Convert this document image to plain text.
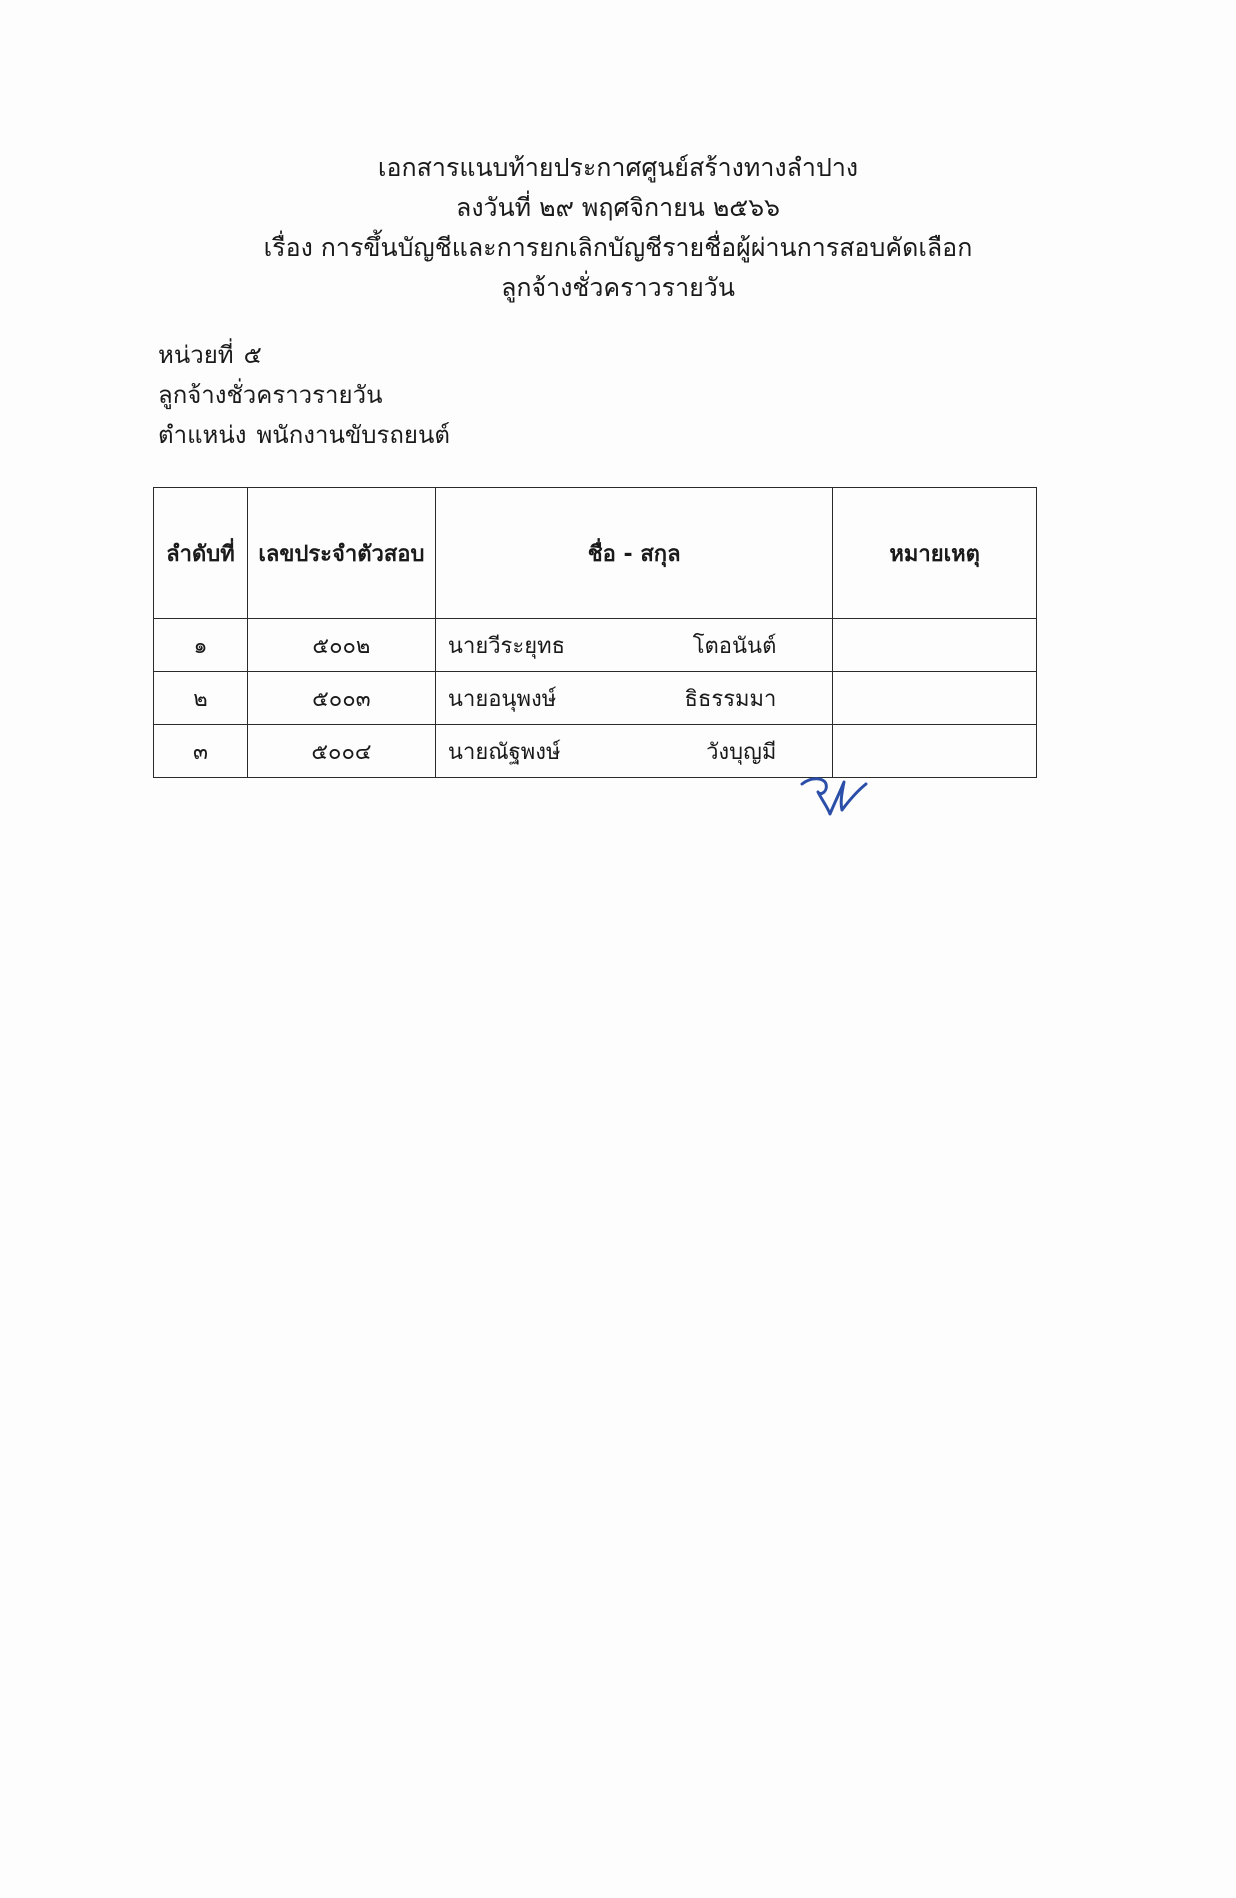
เอกสารแนบท้ายประกาศศูนย์สร้างทางลำปาง
ลงวันที่ ๒๙ พฤศจิกายน ๒๕๖๖
เรื่อง การขึ้นบัญชีและการยกเลิกบัญชีรายชื่อผู้ผ่านการสอบคัดเลือก
ลูกจ้างชั่วคราวรายวัน
หน่วยที่ ๕
ลูกจ้างชั่วคราวรายวัน
ตำแหน่ง พนักงานขับรถยนต์
ลำดับที่	เลขประจำตัวสอบ	ชื่อ - สกุล	หมายเหตุ
๑	๕๐๐๒	นายวีระยุทธ โตอนันต์	

๒	๕๐๐๓	นายอนุพงษ์ ธิธรรมมา	

๓	๕๐๐๔	นายณัฐพงษ์ วังบุญมี	
